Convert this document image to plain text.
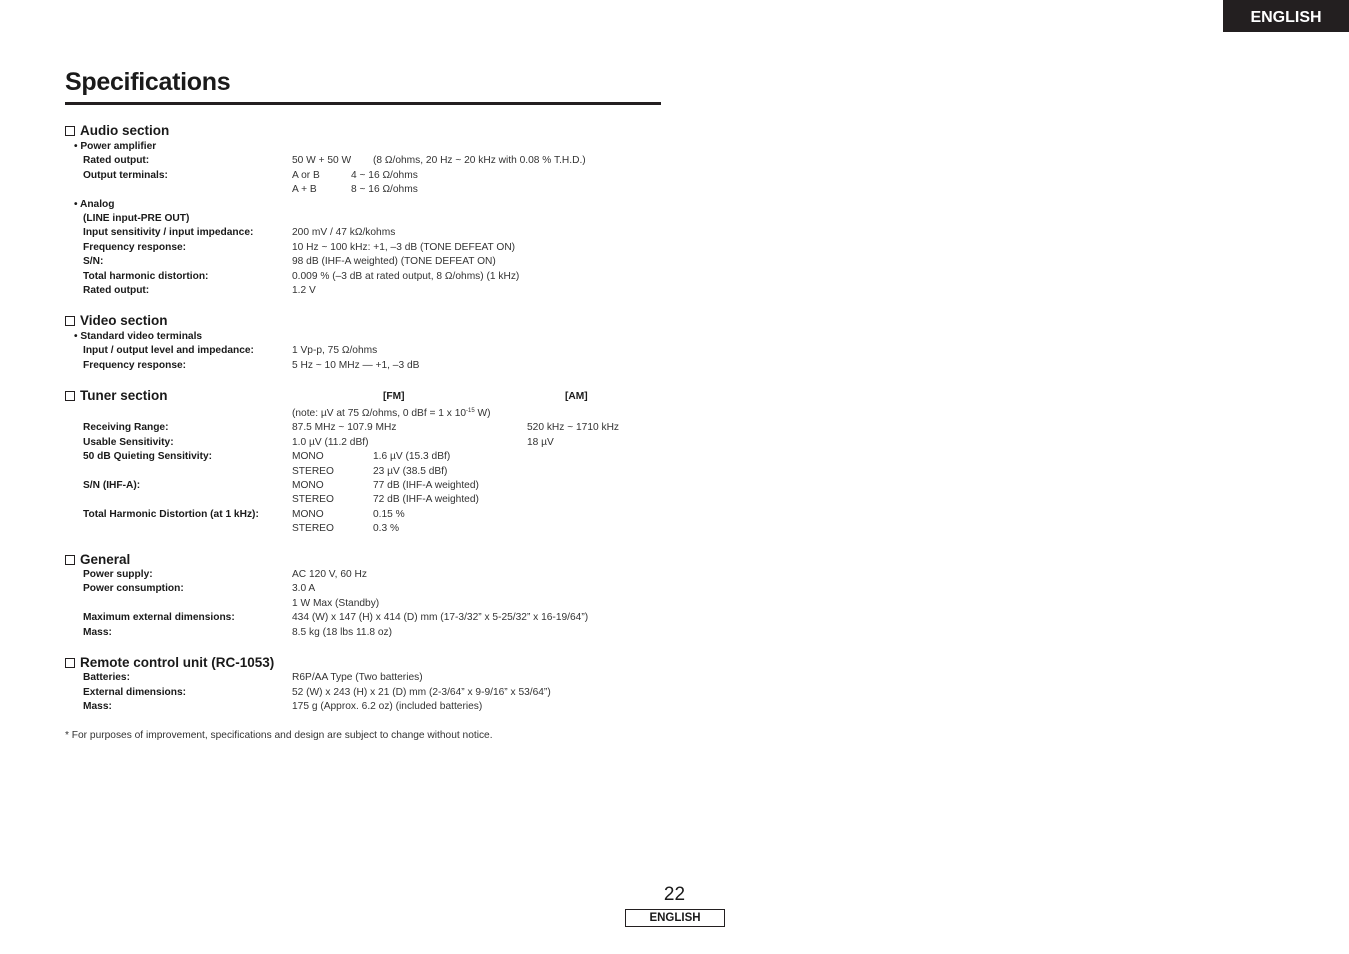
ENGLISH
Specifications
Audio section
• Power amplifier
Rated output:	50 W + 50 W (8 Ω/ohms, 20 Hz ~ 20 kHz with 0.08 % T.H.D.)
Output terminals:	A or B	4 ~ 16 Ω/ohms
A + B	8 ~ 16 Ω/ohms
• Analog
(LINE input-PRE OUT)
Input sensitivity / input impedance:	200 mV / 47 kΩ/kohms
Frequency response:	10 Hz ~ 100 kHz: +1, –3 dB (TONE DEFEAT ON)
S/N:	98 dB (IHF-A weighted) (TONE DEFEAT ON)
Total harmonic distortion:	0.009 % (–3 dB at rated output, 8 Ω/ohms) (1 kHz)
Rated output:	1.2 V
Video section
• Standard video terminals
Input / output level and impedance:	1 Vp-p, 75 Ω/ohms
Frequency response:	5 Hz ~ 10 MHz — +1, –3 dB
Tuner section	[FM]	[AM]
(note: µV at 75 Ω/ohms, 0 dBf = 1 x $10^{-15}$ W)
Receiving Range:	87.5 MHz ~ 107.9 MHz	520 kHz ~ 1710 kHz
Usable Sensitivity:	1.0 µV (11.2 dBf)	18 µV
50 dB Quieting Sensitivity:	MONO	1.6 µV (15.3 dBf)
STEREO	23 µV (38.5 dBf)
S/N (IHF-A):	MONO	77 dB (IHF-A weighted)
STEREO	72 dB (IHF-A weighted)
Total Harmonic Distortion (at 1 kHz):	MONO	0.15 %
STEREO	0.3 %
General
Power supply:	AC 120 V, 60 Hz
Power consumption:	3.0 A
1 W Max (Standby)
Maximum external dimensions:	434 (W) x 147 (H) x 414 (D) mm (17-3/32” x 5-25/32” x 16-19/64”)
Mass:	8.5 kg (18 lbs 11.8 oz)
Remote control unit (RC-1053)
Batteries:	R6P/AA Type (Two batteries)
External dimensions:	52 (W) x 243 (H) x 21 (D) mm (2-3/64” x 9-9/16” x 53/64”)
Mass:	175 g (Approx. 6.2 oz) (included batteries)
* For purposes of improvement, specifications and design are subject to change without notice.
22
ENGLISH
